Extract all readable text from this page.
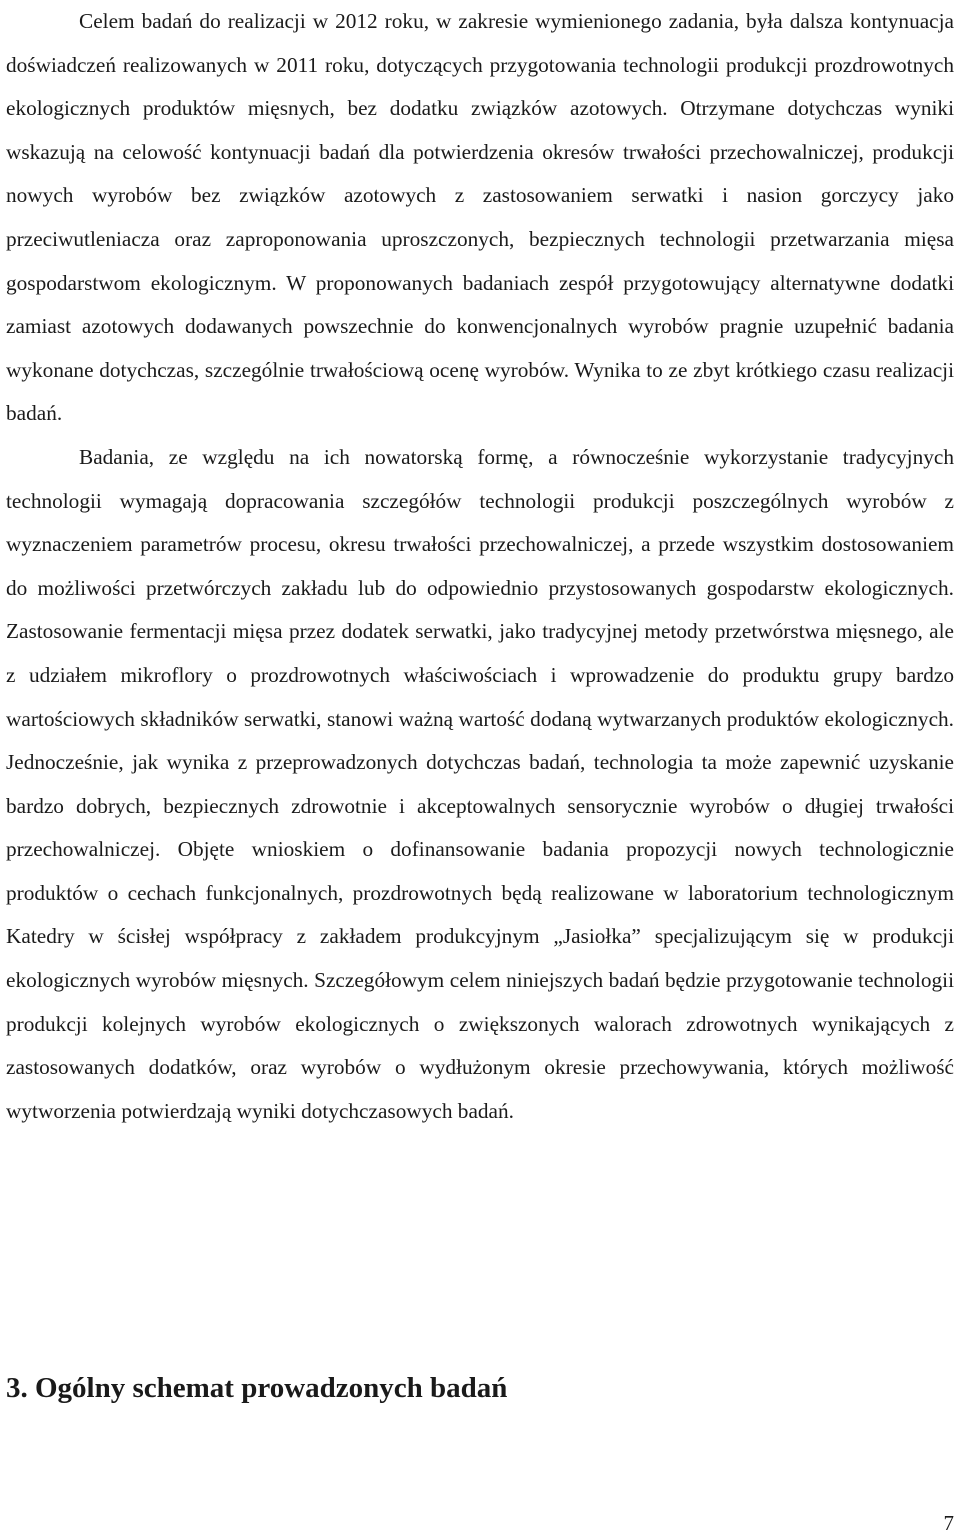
Celem badań do realizacji w 2012 roku, w zakresie wymienionego zadania, była dalsza kontynuacja doświadczeń realizowanych w 2011 roku, dotyczących przygotowania technologii produkcji prozdrowotnych ekologicznych produktów mięsnych, bez dodatku związków azotowych. Otrzymane dotychczas wyniki wskazują na celowość kontynuacji badań dla potwierdzenia okresów trwałości przechowalniczej, produkcji nowych wyrobów bez związków azotowych z zastosowaniem serwatki i nasion gorczycy jako przeciwutleniacza oraz zaproponowania uproszczonych, bezpiecznych technologii przetwarzania mięsa gospodarstwom ekologicznym. W proponowanych badaniach zespół przygotowujący alternatywne dodatki zamiast azotowych dodawanych powszechnie do konwencjonalnych wyrobów pragnie uzupełnić badania wykonane dotychczas, szczególnie trwałościową ocenę wyrobów. Wynika to ze zbyt krótkiego czasu realizacji badań.

Badania, ze względu na ich nowatorską formę, a równocześnie wykorzystanie tradycyjnych technologii wymagają dopracowania szczegółów technologii produkcji poszczególnych wyrobów z wyznaczeniem parametrów procesu, okresu trwałości przechowalniczej, a przede wszystkim dostosowaniem do możliwości przetwórczych zakładu lub do odpowiednio przystosowanych gospodarstw ekologicznych. Zastosowanie fermentacji mięsa przez dodatek serwatki, jako tradycyjnej metody przetwórstwa mięsnego, ale z udziałem mikroflory o prozdrowotnych właściwościach i wprowadzenie do produktu grupy bardzo wartościowych składników serwatki, stanowi ważną wartość dodaną wytwarzanych produktów ekologicznych. Jednocześnie, jak wynika z przeprowadzonych dotychczas badań, technologia ta może zapewnić uzyskanie bardzo dobrych, bezpiecznych zdrowotnie i akceptowalnych sensorycznie wyrobów o długiej trwałości przechowalniczej. Objęte wnioskiem o dofinansowanie badania propozycji nowych technologicznie produktów o cechach funkcjonalnych, prozdrowotnych będą realizowane w laboratorium technologicznym Katedry w ścisłej współpracy z zakładem produkcyjnym „Jasiołka” specjalizującym się w produkcji ekologicznych wyrobów mięsnych. Szczegółowym celem niniejszych badań będzie przygotowanie technologii produkcji kolejnych wyrobów ekologicznych o zwiększonych walorach zdrowotnych wynikających z zastosowanych dodatków, oraz wyrobów o wydłużonym okresie przechowywania, których możliwość wytworzenia potwierdzają wyniki dotychczasowych badań.

3. Ogólny schemat prowadzonych badań
7
